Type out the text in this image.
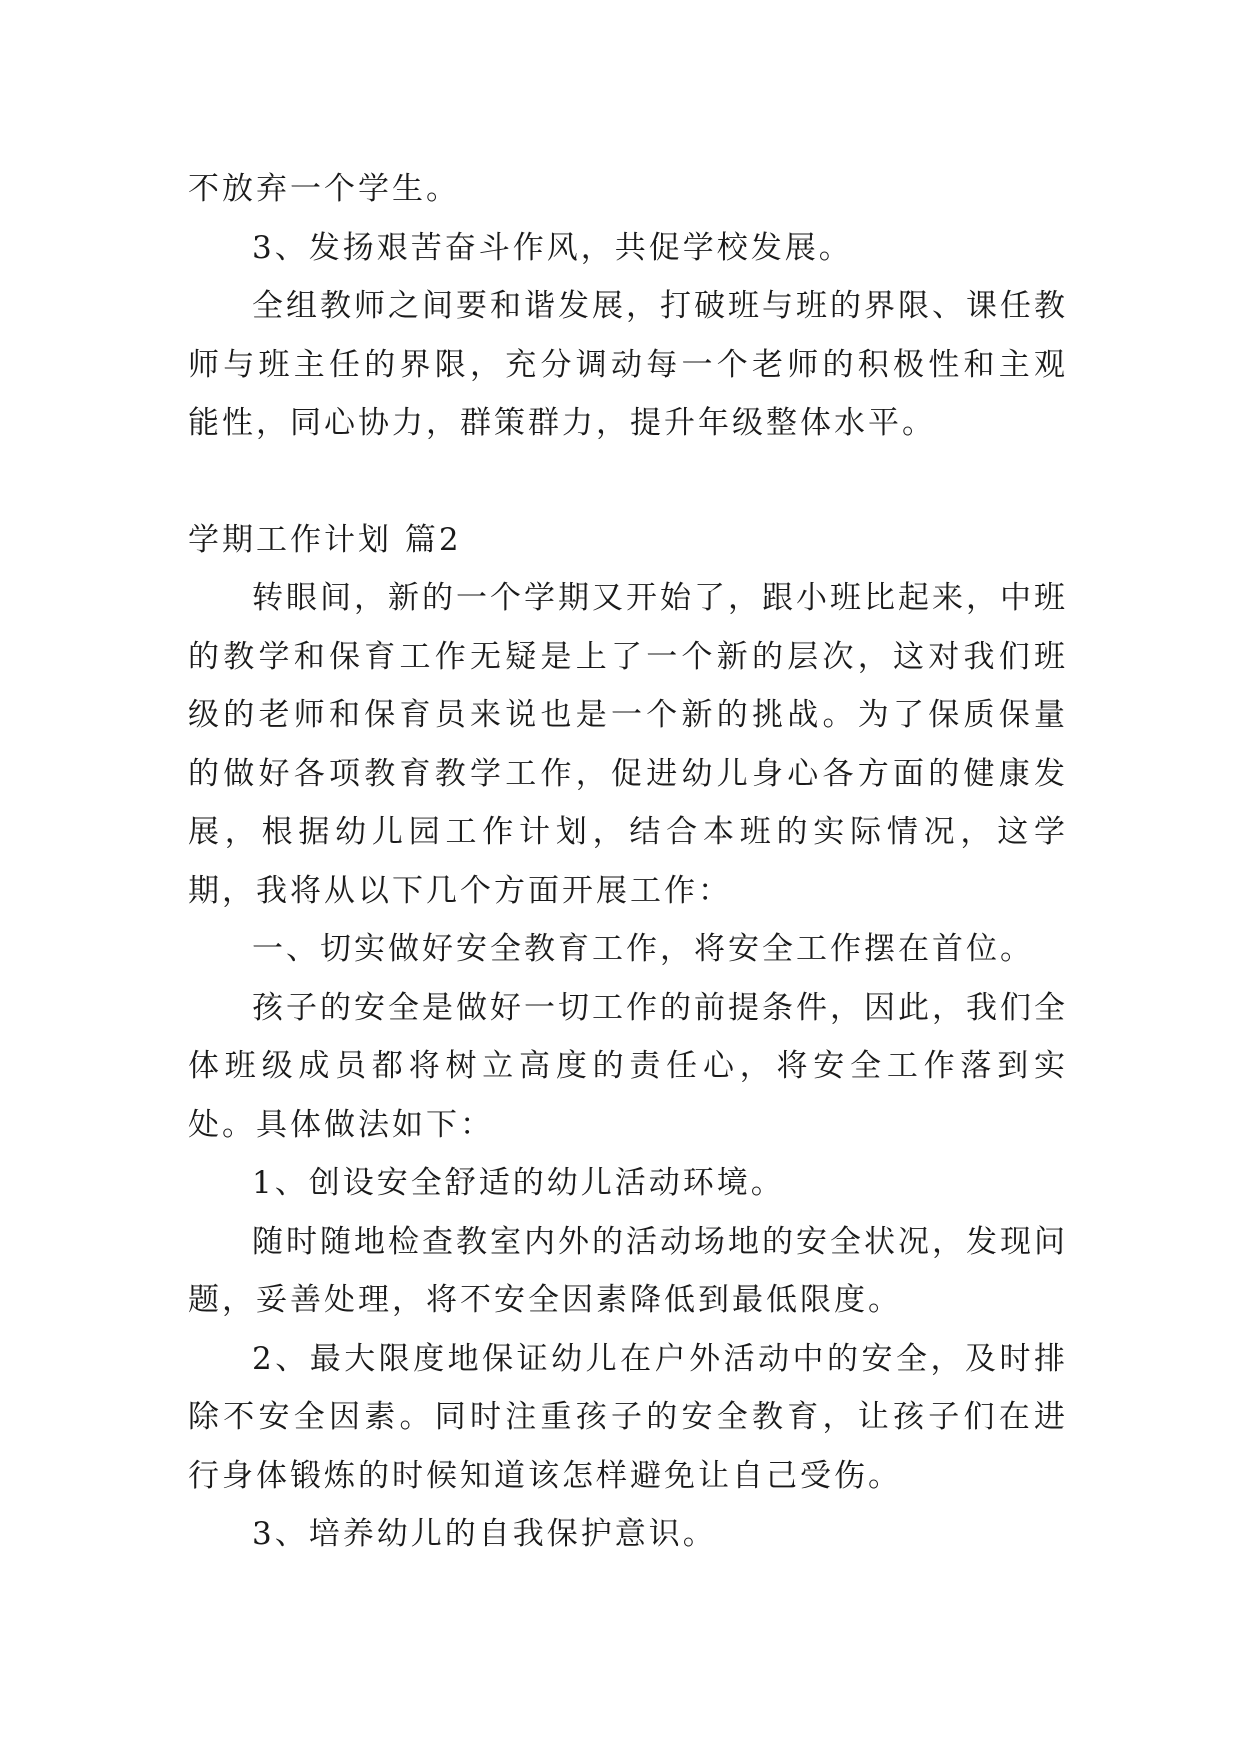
不放弃一个学生。

3、发扬艰苦奋斗作风，共促学校发展。

全组教师之间要和谐发展，打破班与班的界限、课任教师与班主任的界限，充分调动每一个老师的积极性和主观能性，同心协力，群策群力，提升年级整体水平。

学期工作计划 篇2

转眼间，新的一个学期又开始了，跟小班比起来，中班的教学和保育工作无疑是上了一个新的层次，这对我们班级的老师和保育员来说也是一个新的挑战。为了保质保量的做好各项教育教学工作，促进幼儿身心各方面的健康发展，根据幼儿园工作计划，结合本班的实际情况，这学期，我将从以下几个方面开展工作：

一、切实做好安全教育工作，将安全工作摆在首位。

孩子的安全是做好一切工作的前提条件，因此，我们全体班级成员都将树立高度的责任心，将安全工作落到实处。具体做法如下：

1、创设安全舒适的幼儿活动环境。

随时随地检查教室内外的活动场地的安全状况，发现问题，妥善处理，将不安全因素降低到最低限度。

2、最大限度地保证幼儿在户外活动中的安全，及时排除不安全因素。同时注重孩子的安全教育，让孩子们在进行身体锻炼的时候知道该怎样避免让自己受伤。

3、培养幼儿的自我保护意识。
